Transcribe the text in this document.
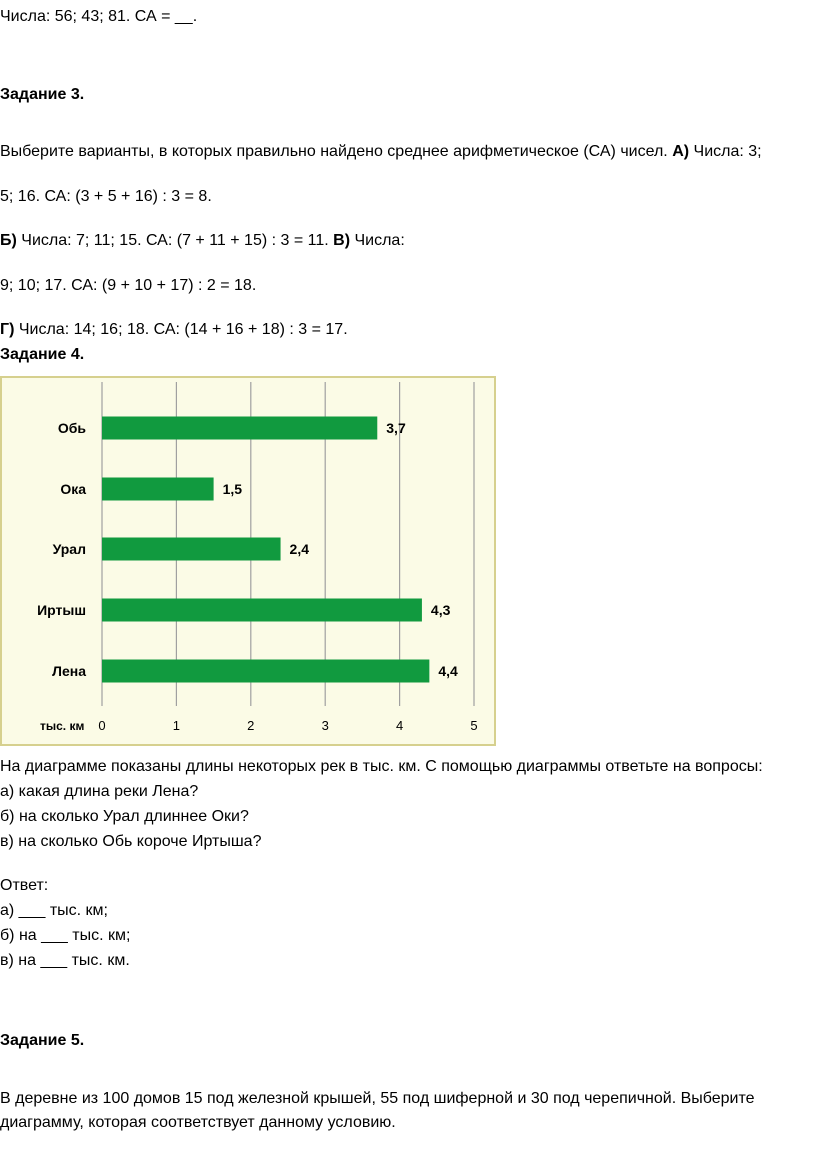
Числа: 56; 43; 81. СА = __.
Задание 3.
Выберите варианты, в которых правильно найдено среднее арифметическое (СА) чисел. А) Числа: 3;
5; 16. СА: (3 + 5 + 16) : 3 = 8.
Б) Числа: 7; 11; 15. СА: (7 + 11 + 15) : 3 = 11. В) Числа:
9; 10; 17. СА: (9 + 10 + 17) : 2 = 18.
Г) Числа: 14; 16; 18. СА: (14 + 16 + 18) : 3 = 17.
Задание 4.
0	1	2	3	4	5
тыс. км
Обь	3,7
Ока	1,5
Урал	2,4
Иртыш	4,3
Лена	4,4
На диаграмме показаны длины некоторых рек в тыс. км. С помощью диаграммы ответьте на вопросы:
а) какая длина реки Лена?
б) на сколько Урал длиннее Оки?
в) на сколько Обь короче Иртыша?
Ответ:
а) ___ тыс. км;
б) на ___ тыс. км;
в) на ___ тыс. км.
Задание 5.
В деревне из 100 домов 15 под железной крышей, 55 под шиферной и 30 под черепичной. Выберите
диаграмму, которая соответствует данному условию.
